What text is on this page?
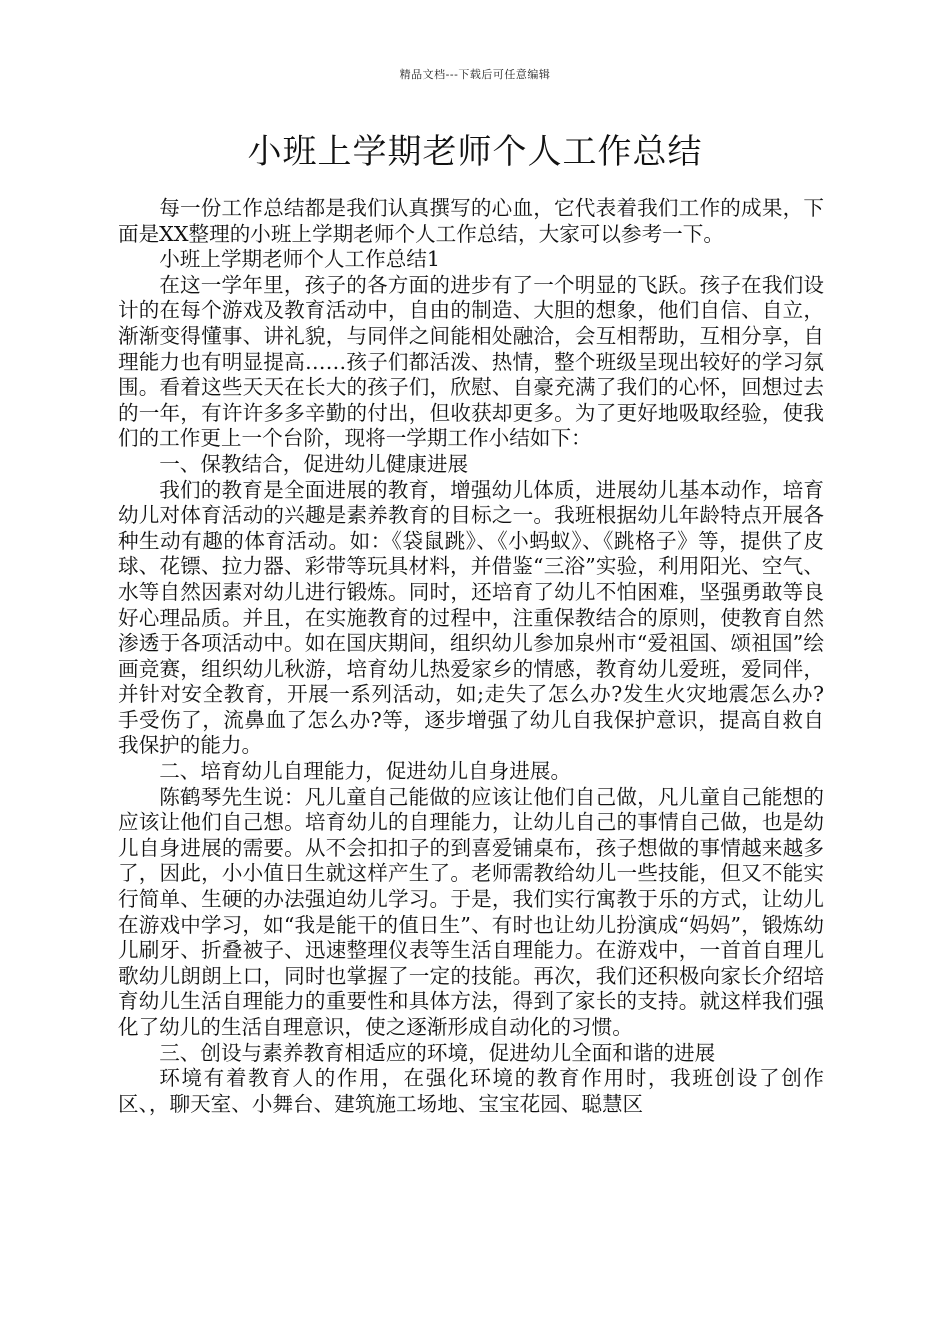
精品文档---下载后可任意编辑
小班上学期老师个人工作总结

每一份工作总结都是我们认真撰写的心血，它代表着我们工作的成果，下面是XX整理的小班上学期老师个人工作总结，大家可以参考一下。

小班上学期老师个人工作总结1

在这一学年里，孩子的各方面的进步有了一个明显的飞跃。孩子在我们设计的在每个游戏及教育活动中，自由的制造、大胆的想象，他们自信、自立，渐渐变得懂事、讲礼貌，与同伴之间能相处融洽，会互相帮助，互相分享，自理能力也有明显提高……孩子们都活泼、热情，整个班级呈现出较好的学习氛围。看着这些天天在长大的孩子们，欣慰、自豪充满了我们的心怀，回想过去的一年，有许许多多辛勤的付出，但收获却更多。为了更好地吸取经验，使我们的工作更上一个台阶，现将一学期工作小结如下：

一、保教结合，促进幼儿健康进展

我们的教育是全面进展的教育，增强幼儿体质，进展幼儿基本动作，培育幼儿对体育活动的兴趣是素养教育的目标之一。我班根据幼儿年龄特点开展各种生动有趣的体育活动。如：《袋鼠跳》、《小蚂蚁》、《跳格子》等，提供了皮球、花镖、拉力器、彩带等玩具材料，并借鉴“三浴”实验，利用阳光、空气、水等自然因素对幼儿进行锻炼。同时，还培育了幼儿不怕困难，坚强勇敢等良好心理品质。并且，在实施教育的过程中，注重保教结合的原则，使教育自然渗透于各项活动中。如在国庆期间，组织幼儿参加泉州市“爱祖国、颂祖国”绘画竞赛，组织幼儿秋游，培育幼儿热爱家乡的情感，教育幼儿爱班，爱同伴，并针对安全教育，开展一系列活动，如;走失了怎么办?发生火灾地震怎么办?手受伤了，流鼻血了怎么办?等，逐步增强了幼儿自我保护意识，提高自救自我保护的能力。

二、培育幼儿自理能力，促进幼儿自身进展。

陈鹤琴先生说：凡儿童自己能做的应该让他们自己做，凡儿童自己能想的应该让他们自己想。培育幼儿的自理能力，让幼儿自己的事情自己做，也是幼儿自身进展的需要。从不会扣扣子的到喜爱铺桌布，孩子想做的事情越来越多了，因此，小小值日生就这样产生了。老师需教给幼儿一些技能，但又不能实行简单、生硬的办法强迫幼儿学习。于是，我们实行寓教于乐的方式，让幼儿在游戏中学习，如“我是能干的值日生”、有时也让幼儿扮演成“妈妈”，锻炼幼儿刷牙、折叠被子、迅速整理仪表等生活自理能力。在游戏中，一首首自理儿歌幼儿朗朗上口，同时也掌握了一定的技能。再次，我们还积极向家长介绍培育幼儿生活自理能力的重要性和具体方法，得到了家长的支持。就这样我们强化了幼儿的生活自理意识，使之逐渐形成自动化的习惯。

三、创设与素养教育相适应的环境，促进幼儿全面和谐的进展

环境有着教育人的作用，在强化环境的教育作用时，我班创设了创作区、，聊天室、小舞台、建筑施工场地、宝宝花园、聪慧区
